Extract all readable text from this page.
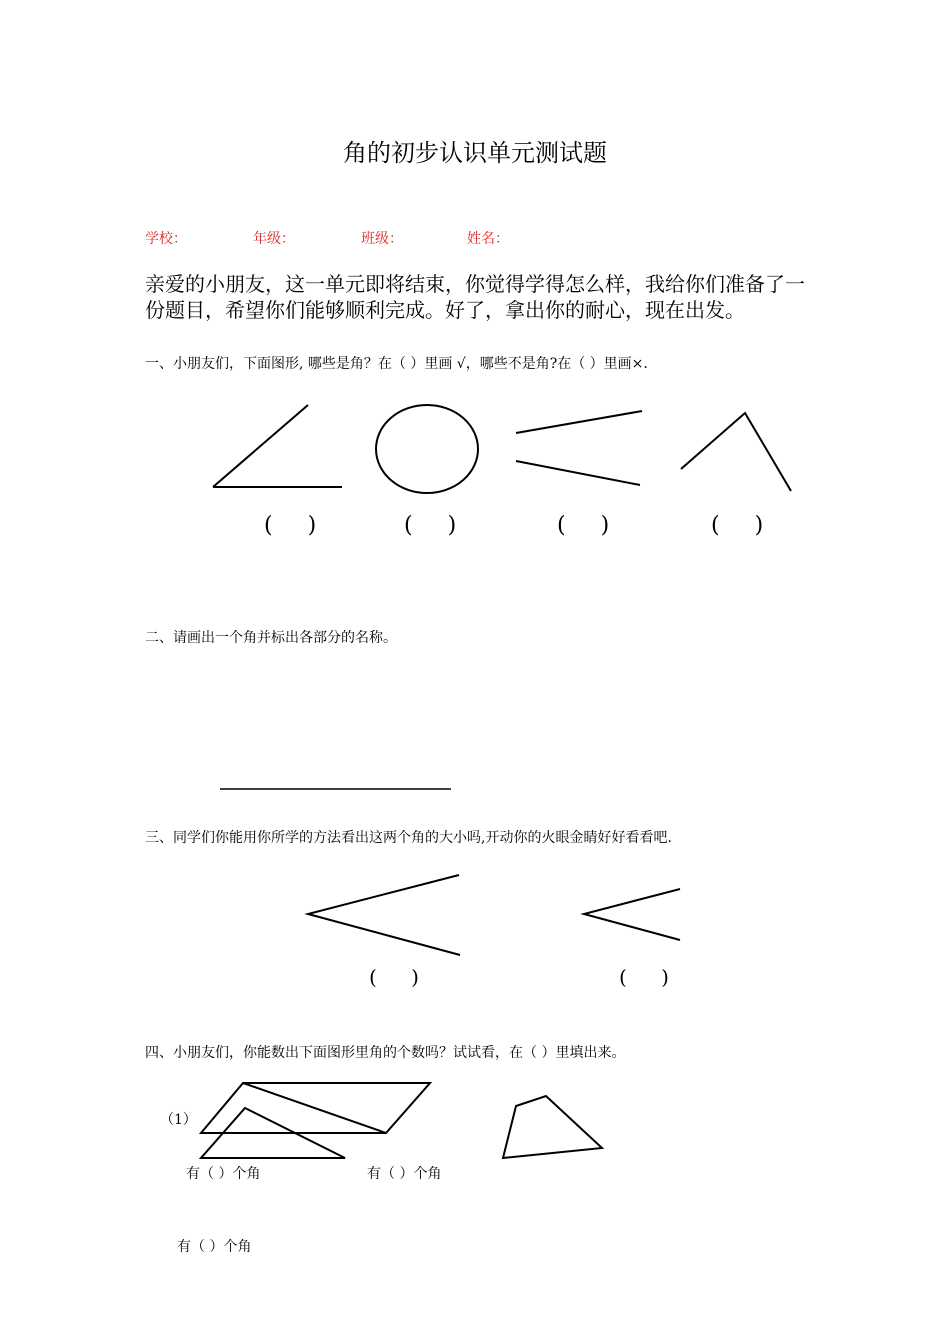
角的初步认识单元测试题
学校：	年级：	班级：	姓名：
亲爱的小朋友，这一单元即将结束，你觉得学得怎么样，我给你们准备了一份题目，希望你们能够顺利完成。好了，拿出你的耐心，现在出发。
一、小朋友们，下面图形, 哪些是角？在（ ）里画 √，哪些不是角?在（ ）里画×.
( )	( )	( )	( )
二、请画出一个角并标出各部分的名称。
三、同学们你能用你所学的方法看出这两个角的大小吗,开动你的火眼金睛好好看看吧.
( )	( )
四、小朋友们，你能数出下面图形里角的个数吗？试试看，在（ ）里填出来。
（1）
有（ ）个角	有（ ）个角
有（ ）个角
